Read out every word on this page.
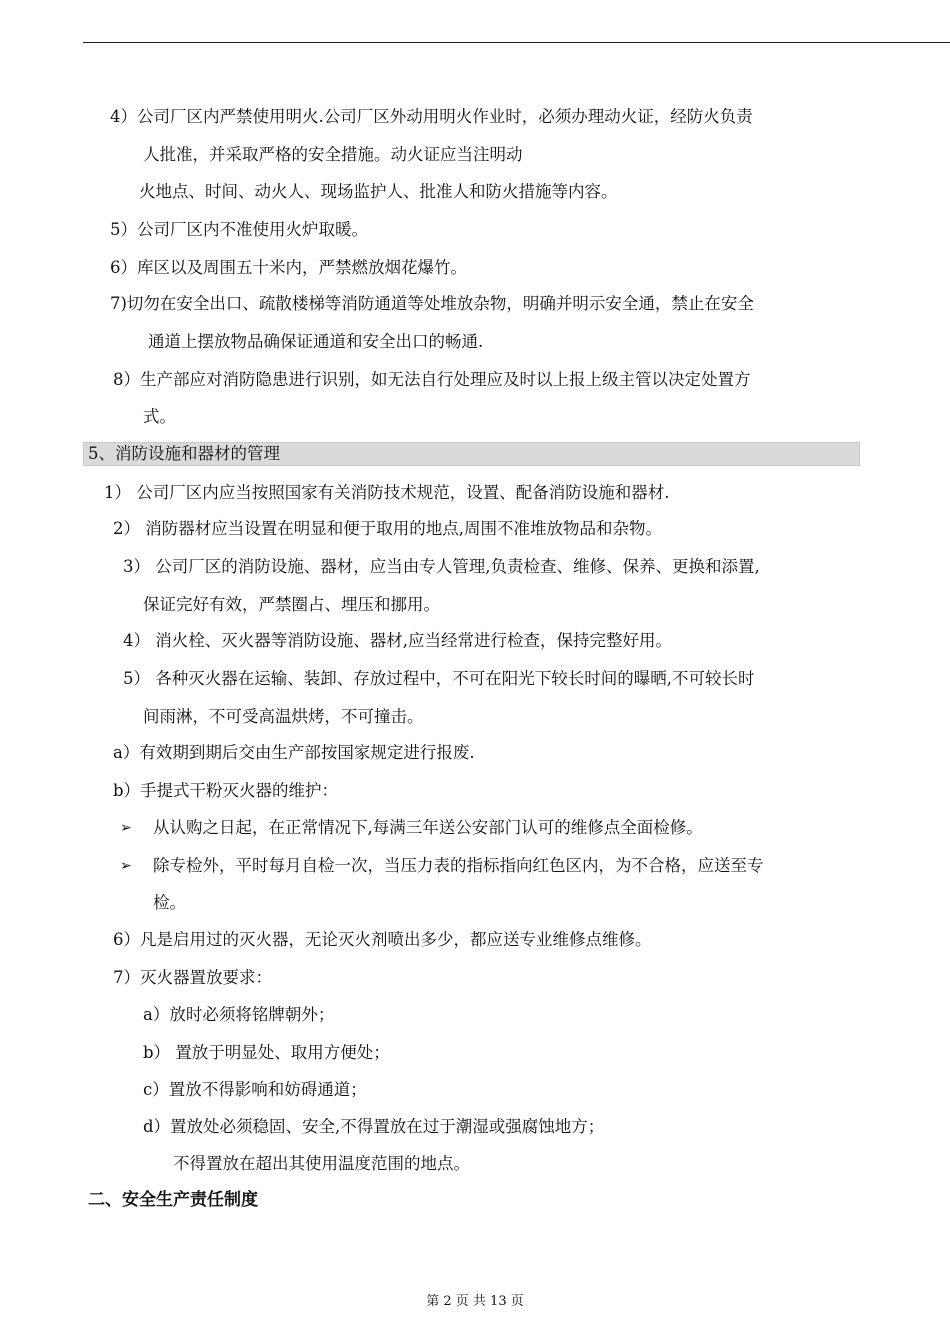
4）公司厂区内严禁使用明火.公司厂区外动用明火作业时，必须办理动火证，经防火负责
人批准，并采取严格的安全措施。动火证应当注明动
火地点、时间、动火人、现场监护人、批准人和防火措施等内容。
5）公司厂区内不准使用火炉取暖。
6）库区以及周围五十米内，严禁燃放烟花爆竹。
7)切勿在安全出口、疏散楼梯等消防通道等处堆放杂物，明确并明示安全通，禁止在安全
通道上摆放物品确保证通道和安全出口的畅通.
8）生产部应对消防隐患进行识别，如无法自行处理应及时以上报上级主管以决定处置方
式。
5、消防设施和器材的管理
1） 公司厂区内应当按照国家有关消防技术规范，设置、配备消防设施和器材.
2） 消防器材应当设置在明显和便于取用的地点,周围不准堆放物品和杂物。
3） 公司厂区的消防设施、器材，应当由专人管理,负责检查、维修、保养、更换和添置,
保证完好有效，严禁圈占、埋压和挪用。
4） 消火栓、灭火器等消防设施、器材,应当经常进行检查，保持完整好用。
5） 各种灭火器在运输、装卸、存放过程中，不可在阳光下较长时间的曝晒,不可较长时
间雨淋，不可受高温烘烤，不可撞击。
a）有效期到期后交由生产部按国家规定进行报废.
b）手提式干粉灭火器的维护：
➢ 从认购之日起，在正常情况下,每满三年送公安部门认可的维修点全面检修。
➢ 除专检外，平时每月自检一次，当压力表的指标指向红色区内，为不合格，应送至专
检。
6）凡是启用过的灭火器，无论灭火剂喷出多少，都应送专业维修点维修。
7）灭火器置放要求：
a）放时必须将铭牌朝外；
b） 置放于明显处、取用方便处；
c）置放不得影响和妨碍通道；
d）置放处必须稳固、安全,不得置放在过于潮湿或强腐蚀地方；
不得置放在超出其使用温度范围的地点。
二、安全生产责任制度
第 2 页 共 13 页
